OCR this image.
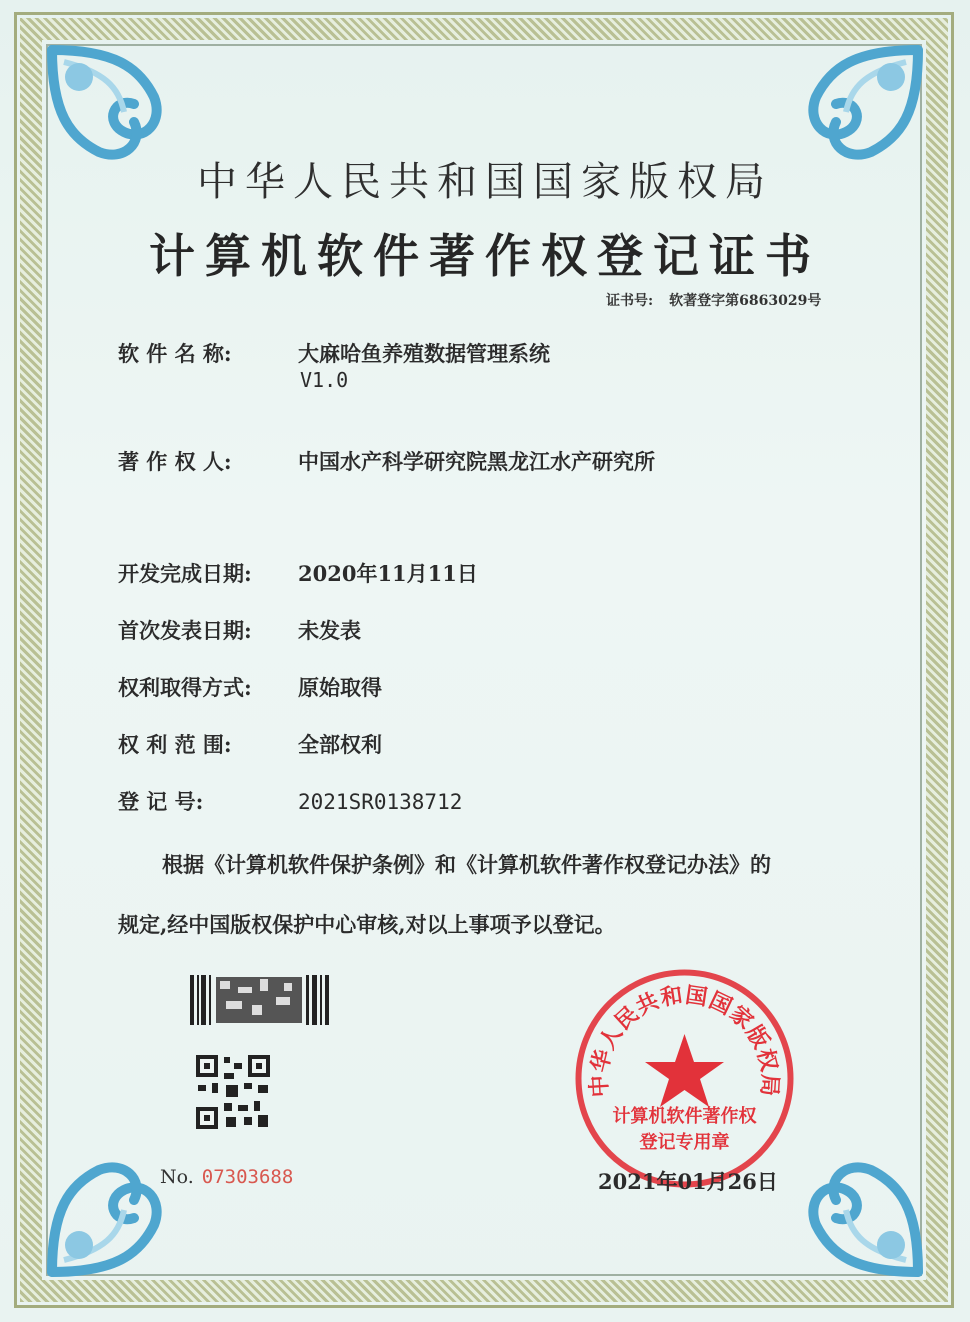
中华人民共和国国家版权局
计算机软件著作权登记证书
证书号: 软著登字第6863029号
软 件 名 称:	大麻哈鱼养殖数据管理系统
V1.0
著 作 权 人:	中国水产科学研究院黑龙江水产研究所
开发完成日期: 2020年11月11日
首次发表日期: 未发表
权利取得方式: 原始取得
权 利 范 围:	全部权利
登 记 号:	2021SR0138712
根据《计算机软件保护条例》和《计算机软件著作权登记办法》的
规定,经中国版权保护中心审核,对以上事项予以登记。
No. 07303688
中华人民共和国国家版权局
计算机软件著作权
登记专用章
2021年01月26日
